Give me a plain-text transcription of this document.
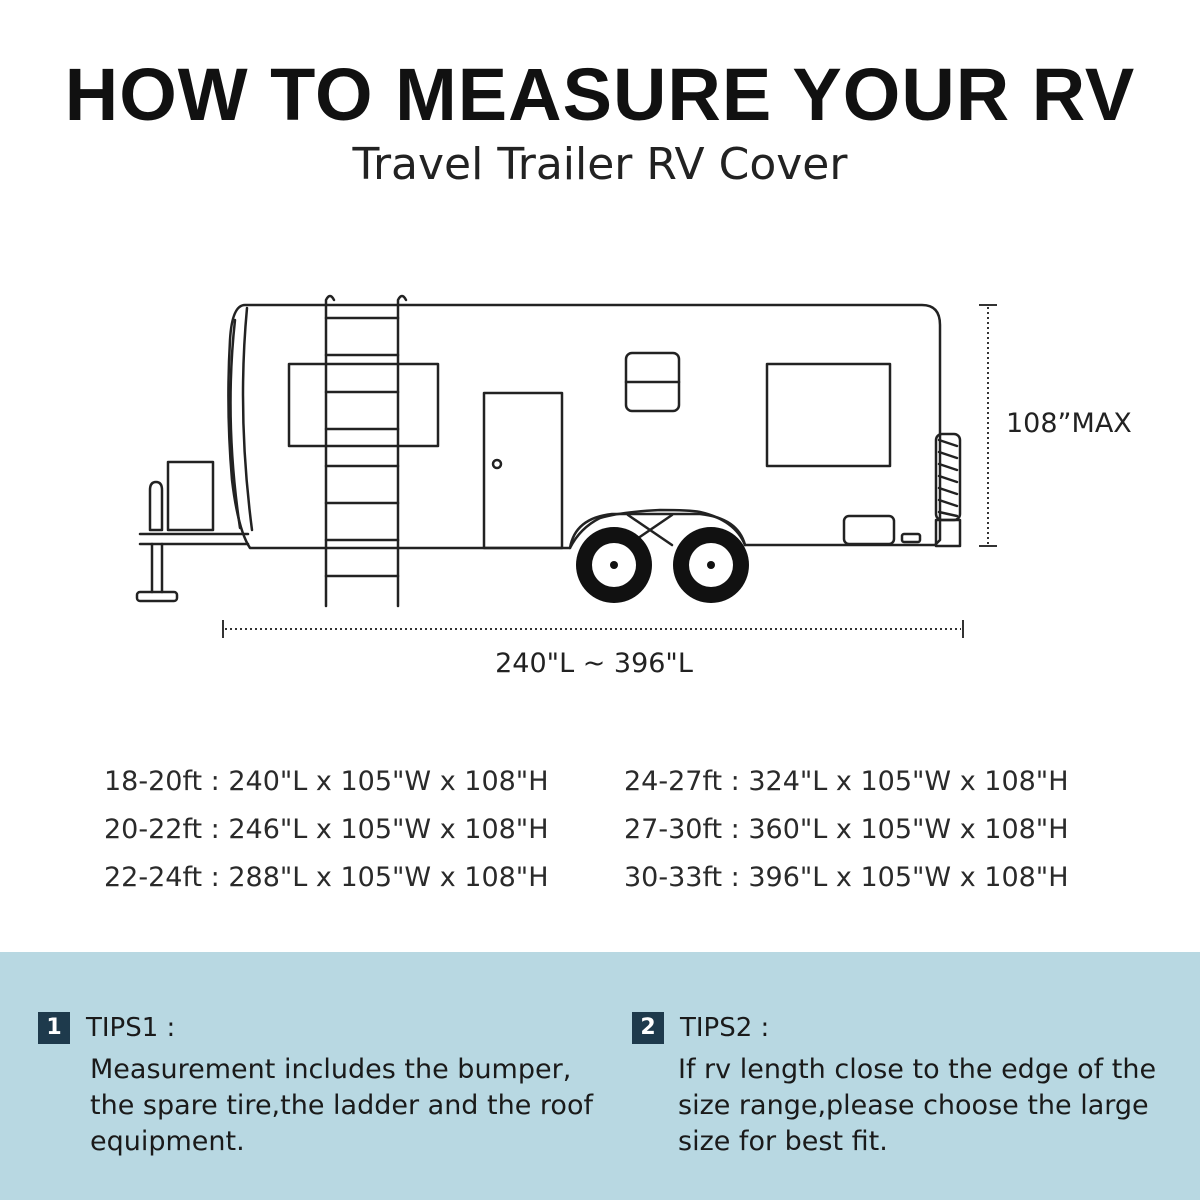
HOW TO MEASURE YOUR RV
Travel Trailer RV Cover
108”MAX
240"L ~ 396"L
18-20ft : 240"L x 105"W x 108"H
20-22ft : 246"L x 105"W x 108"H
22-24ft : 288"L x 105"W x 108"H
24-27ft : 324"L x 105"W x 108"H
27-30ft : 360"L x 105"W x 108"H
30-33ft : 396"L x 105"W x 108"H
1 TIPS1 :
Measurement includes the bumper, the spare tire,the ladder and the roof equipment.
2 TIPS2 :
If rv length close to the edge of the size range,please choose the large size for best fit.
